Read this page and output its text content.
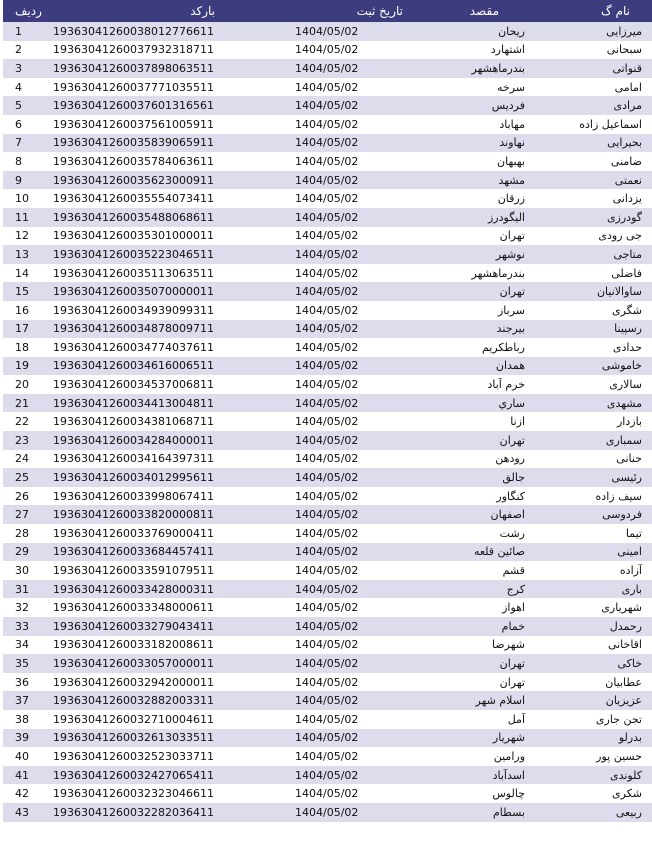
ردیف	بارکد	تاریخ ثبت	مقصد	نام گ
1	19363041260038012776611	1404/05/02	ریحان	میرزایی
2	19363041260037932318711	1404/05/02	اشتهارد	سبحانی
3	19363041260037898063511	1404/05/02	بندرماهشهر	قنواتی
4	19363041260037771035511	1404/05/02	سرخه	امامی
5	19363041260037601316561	1404/05/02	فردیس	مرادی
6	19363041260037561005911	1404/05/02	مهاباد	اسماعیل زاده
7	19363041260035839065911	1404/05/02	نهاوند	بحیرایی
8	19363041260035784063611	1404/05/02	بهبهان	ضامنی
9	19363041260035623000911	1404/05/02	مشهد	نعمتی
10	19363041260035554073411	1404/05/02	زرقان	یزدانی
11	19363041260035488068611	1404/05/02	الیگودرز	گودرزی
12	19363041260035301000011	1404/05/02	تهران	جی رودی
13	19363041260035223046511	1404/05/02	نوشهر	متاجی
14	19363041260035113063511	1404/05/02	بندرماهشهر	فاضلی
15	19363041260035070000011	1404/05/02	تهران	ساوالانیان
16	19363041260034939099311	1404/05/02	سرباز	شگری
17	19363041260034878009711	1404/05/02	بیرجند	رسپینا
18	19363041260034774037611	1404/05/02	رباطکریم	حدادی
19	19363041260034616006511	1404/05/02	همدان	خاموشی
20	19363041260034537006811	1404/05/02	خرم آباد	سالاری
21	19363041260034413004811	1404/05/02	ساري	مشهدی
22	19363041260034381068711	1404/05/02	ازنا	بازدار
23	19363041260034284000011	1404/05/02	تهران	سمباری
24	19363041260034164397311	1404/05/02	رودهن	حنانی
25	19363041260034012995611	1404/05/02	جالق	رئیسی
26	19363041260033998067411	1404/05/02	کنگاور	سیف زاده
27	19363041260033820000811	1404/05/02	اصفهان	فردوسی
28	19363041260033769000411	1404/05/02	رشت	تیما
29	19363041260033684457411	1404/05/02	صائین قلعه	امینی
30	19363041260033591079511	1404/05/02	قشم	آزاده
31	19363041260033428000311	1404/05/02	کرج	باری
32	19363041260033348000611	1404/05/02	اهواز	شهریاری
33	19363041260033279043411	1404/05/02	خمام	رحمدل
34	19363041260033182008611	1404/05/02	شهرضا	اقاخانی
35	19363041260033057000011	1404/05/02	تهران	خاکی
36	19363041260032942000011	1404/05/02	تهران	عطابیان
37	19363041260032882003311	1404/05/02	اسلام شهر	عزیزیان
38	19363041260032710004611	1404/05/02	آمل	تجن جاری
39	19363041260032613033511	1404/05/02	شهریار	بدرلو
40	19363041260032523033711	1404/05/02	ورامین	حسین پور
41	19363041260032427065411	1404/05/02	اسدآباد	کلوندی
42	19363041260032323046611	1404/05/02	چالوس	شکری
43	19363041260032282036411	1404/05/02	بسطام	ربیعی
